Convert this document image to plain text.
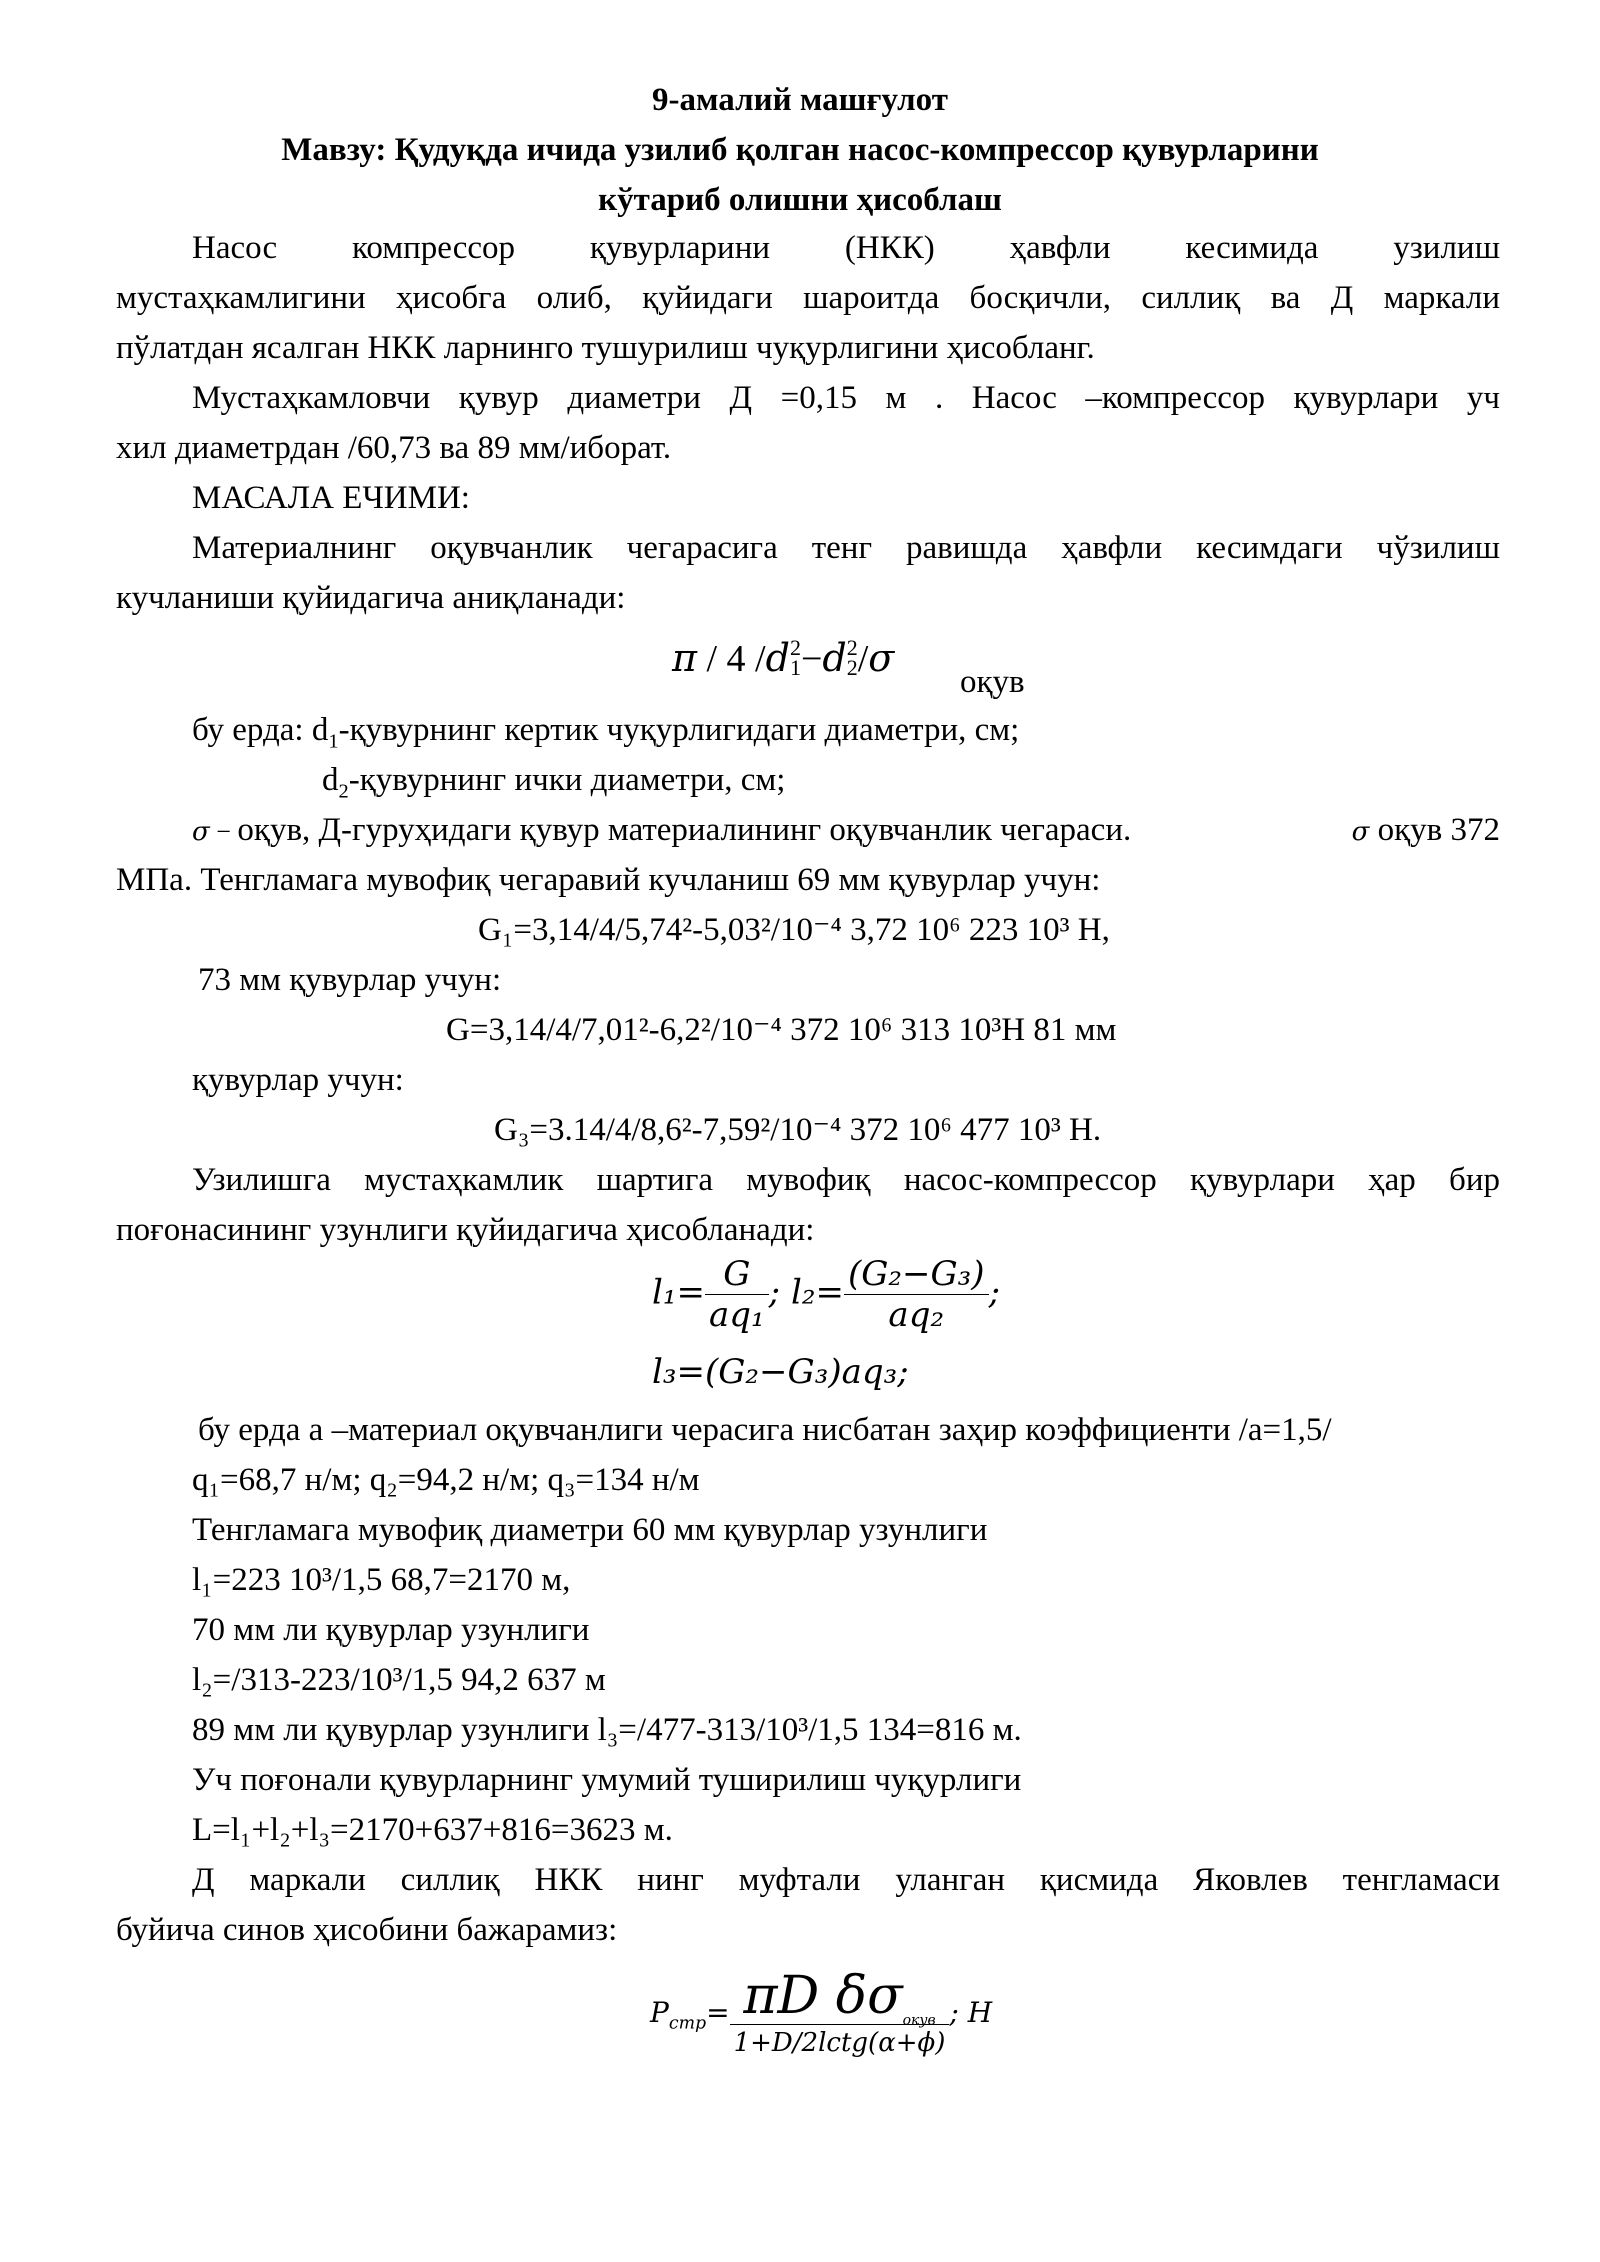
9-амалий машғулот
Мавзу: Қудуқда ичида узилиб қолган насос-компрессор қувурларини
кўтариб олишни ҳисоблаш
Насос компрессор қувурларини (НКК) ҳавфли кесимида узилиш
мустаҳкамлигини ҳисобга олиб, қуйидаги шароитда босқичли, силлиқ ва Д маркали
пўлатдан ясалган НКК ларнинго тушурилиш чуқурлигини ҳисобланг.
Мустаҳкамловчи қувур диаметри Д =0,15 м . Насос –компрессор қувурлари уч
хил диаметрдан /60,73 ва 89 мм/иборат.
МАСАЛА ЕЧИМИ:
Материалнинг оқувчанлик чегарасига тенг равишда ҳавфли кесимдаги чўзилиш
кучланиши қуйидагича аниқланади:
π / 4 /d 2
1 −d 2
2 /σ
оқув
бу ерда: $d_1$-қувурнинг кертик чуқурлигидаги диаметри, см;
$d_2$-қувурнинг ички диаметри, см;
σ − оқув, Д-гуруҳидаги қувур материалининг оқувчанлик чегараси.	σ оқув 372
МПа. Тенгламага мувофиқ чегаравий кучланиш 69 мм қувурлар учун:
G₁=3,14/4/5,74²-5,03²/10⁻⁴ 3,72 10⁶ 223 10³ Н,
73 мм қувурлар учун:
G=3,14/4/7,01²-6,2²/10⁻⁴ 372 10⁶ 313 10³Н 81 мм
қувурлар учун:
G₃=3.14/4/8,6²-7,59²/10⁻⁴ 372 10⁶ 477 10³ Н.
Узилишга мустаҳкамлик шартига мувофиқ насос-компрессор қувурлари ҳар бир
поғонасининг узунлиги қуйидагича ҳисобланади:
$l_1= \frac{G}{\text{aq₁}}$ ; $l_2= \frac{\text{(G₂−G₃)}}{\text{aq₂}}$ ;
l₃=(G₂−G₃)aq₃;
бу ерда а –материал оқувчанлиги черасига нисбатан заҳир коэффициенти /а=1,5/
q₁=68,7 н/м; q₂=94,2 н/м; q₃=134 н/м
Тенгламага мувофиқ диаметри 60 мм қувурлар узунлиги
l₁=223 10³/1,5 68,7=2170 м,
70 мм ли қувурлар узунлиги
l₂=/313-223/10³/1,5 94,2 637 м
89 мм ли қувурлар узунлиги l₃=/477-313/10³/1,5 134=816 м.
Уч поғонали қувурларнинг умумий туширилиш чуқурлиги
L=l₁+l₂+l₃=2170+637+816=3623 м.
Д маркали силлиқ НКК нинг муфтали уланган қисмида Яковлев тенгламаси
буйича синов ҳисобини бажарамиз:
$P_{стр}= \frac{\pi D \delta\sigma_{окув}}{\text{1+D/2lctg(α+ϕ)}}$ ; H
